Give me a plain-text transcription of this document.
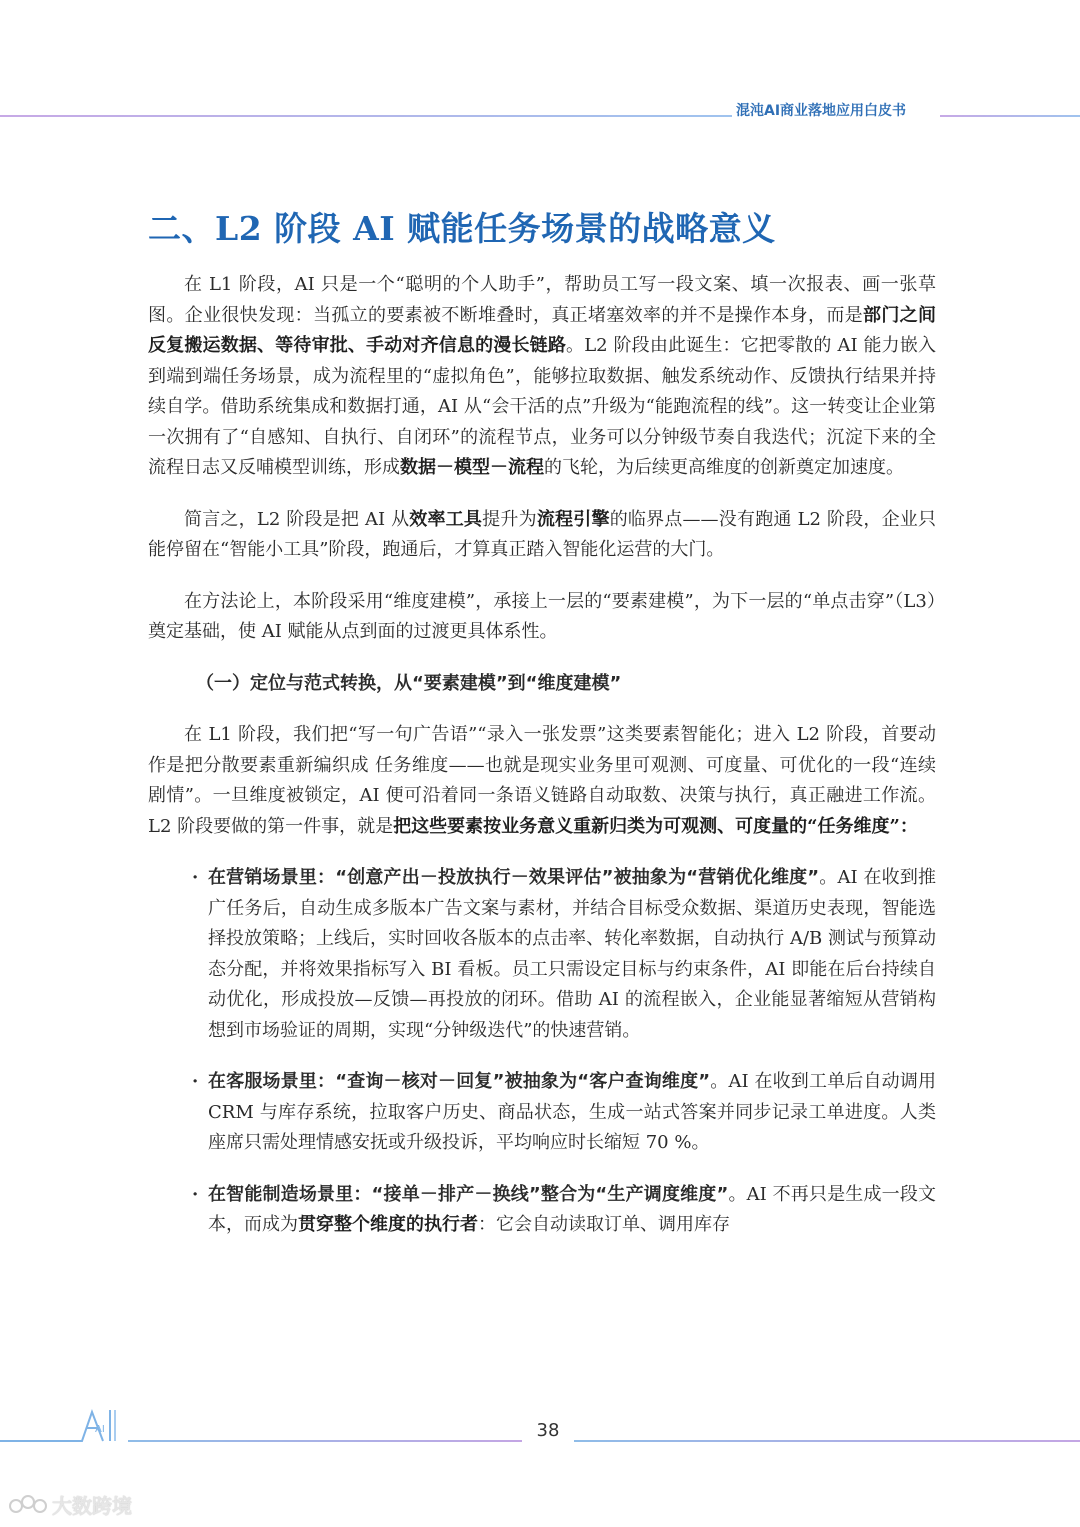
混沌AI商业落地应用白皮书
二、L2 阶段 AI 赋能任务场景的战略意义

在 L1 阶段，AI 只是一个“聪明的个人助手”，帮助员工写一段文案、填一次报表、画一张草图。企业很快发现：当孤立的要素被不断堆叠时，真正堵塞效率的并不是操作本身，而是部门之间反复搬运数据、等待审批、手动对齐信息的漫长链路。L2 阶段由此诞生：它把零散的 AI 能力嵌入到端到端任务场景，成为流程里的“虚拟角色”，能够拉取数据、触发系统动作、反馈执行结果并持续自学。借助系统集成和数据打通，AI 从“会干活的点”升级为“能跑流程的线”。这一转变让企业第一次拥有了“自感知、自执行、自闭环”的流程节点，业务可以分钟级节奏自我迭代；沉淀下来的全流程日志又反哺模型训练，形成数据－模型－流程的飞轮，为后续更高维度的创新奠定加速度。

简言之，L2 阶段是把 AI 从效率工具提升为流程引擎的临界点——没有跑通 L2 阶段，企业只能停留在“智能小工具”阶段，跑通后，才算真正踏入智能化运营的大门。

在方法论上，本阶段采用“维度建模”，承接上一层的“要素建模”，为下一层的“单点击穿”（L3）奠定基础，使 AI 赋能从点到面的过渡更具体系性。

（一）定位与范式转换，从“要素建模”到“维度建模”

在 L1 阶段，我们把“写一句广告语”“录入一张发票”这类要素智能化；进入 L2 阶段，首要动作是把分散要素重新编织成 任务维度——也就是现实业务里可观测、可度量、可优化的一段“连续剧情”。一旦维度被锁定，AI 便可沿着同一条语义链路自动取数、决策与执行，真正融进工作流。L2 阶段要做的第一件事，就是把这些要素按业务意义重新归类为可观测、可度量的“任务维度”：

· 在营销场景里：“创意产出－投放执行－效果评估”被抽象为“营销优化维度”。AI 在收到推广任务后，自动生成多版本广告文案与素材，并结合目标受众数据、渠道历史表现，智能选择投放策略；上线后，实时回收各版本的点击率、转化率数据，自动执行 A/B 测试与预算动态分配，并将效果指标写入 BI 看板。员工只需设定目标与约束条件，AI 即能在后台持续自动优化，形成投放—反馈—再投放的闭环。借助 AI 的流程嵌入，企业能显著缩短从营销构想到市场验证的周期，实现“分钟级迭代”的快速营销。
· 在客服场景里：“查询－核对－回复”被抽象为“客户查询维度”。AI 在收到工单后自动调用 CRM 与库存系统，拉取客户历史、商品状态，生成一站式答案并同步记录工单进度。人类座席只需处理情感安抚或升级投诉，平均响应时长缩短 70 %。
· 在智能制造场景里：“接单－排产－换线”整合为“生产调度维度”。AI 不再只是生成一段文本，而成为贯穿整个维度的执行者：它会自动读取订单、调用库存
AI	38
大数跨境
